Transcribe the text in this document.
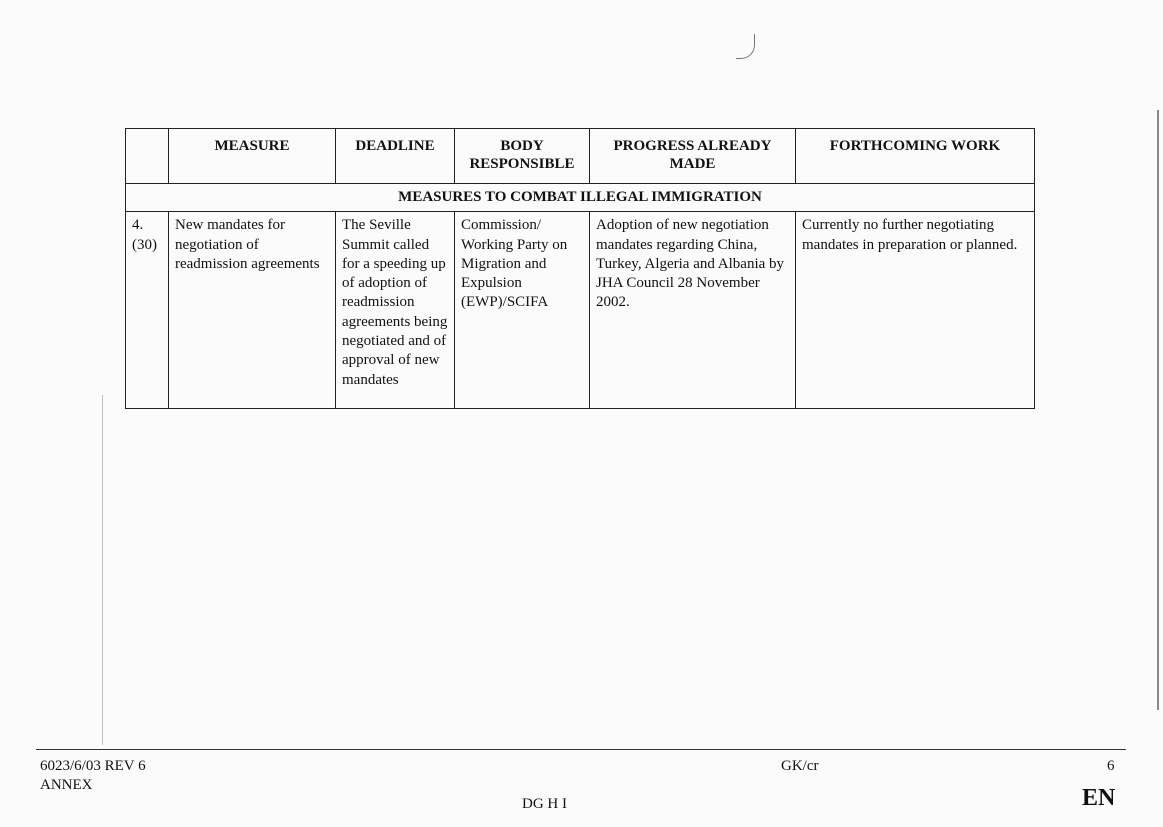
	MEASURE	DEADLINE	BODY RESPONSIBLE	PROGRESS ALREADY MADE	FORTHCOMING WORK
MEASURES TO COMBAT ILLEGAL IMMIGRATION					
4. (30)	New mandates for negotiation of readmission agreements	The Seville Summit called for a speeding up of adoption of readmission agreements being negotiated and of approval of new mandates	Commission/ Working Party on Migration and Expulsion (EWP)/SCIFA	Adoption of new negotiation mandates regarding China, Turkey, Algeria and Albania by JHA Council 28 November 2002.	Currently no further negotiating mandates in preparation or planned.
6023/6/03 REV 6
ANNEX
GK/cr	6
DG H I	EN
